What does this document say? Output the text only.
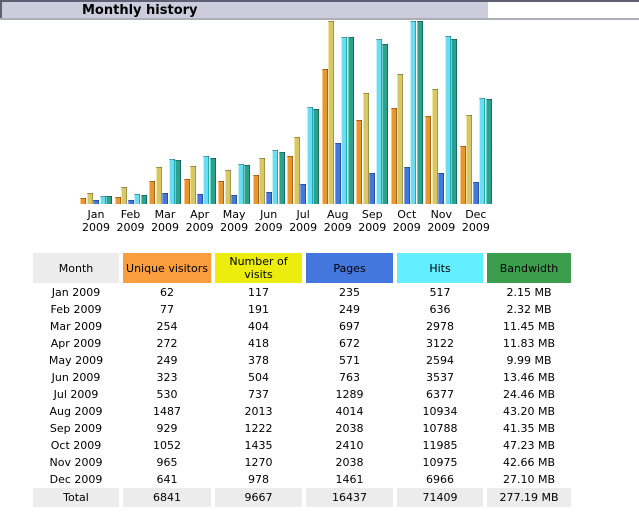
Monthly history
Jan
2009
Feb
2009
Mar
2009
Apr
2009
May
2009
Jun
2009
Jul
2009
Aug
2009
Sep
2009
Oct
2009
Nov
2009
Dec
2009
Month	Unique visitors	Number of visits	Pages	Hits	Bandwidth
Jan 2009	62	117	235	517	2.15 MB
Feb 2009	77	191	249	636	2.32 MB
Mar 2009	254	404	697	2978	11.45 MB
Apr 2009	272	418	672	3122	11.83 MB
May 2009	249	378	571	2594	9.99 MB
Jun 2009	323	504	763	3537	13.46 MB
Jul 2009	530	737	1289	6377	24.46 MB
Aug 2009	1487	2013	4014	10934	43.20 MB
Sep 2009	929	1222	2038	10788	41.35 MB
Oct 2009	1052	1435	2410	11985	47.23 MB
Nov 2009	965	1270	2038	10975	42.66 MB
Dec 2009	641	978	1461	6966	27.10 MB
Total	6841	9667	16437	71409	277.19 MB
